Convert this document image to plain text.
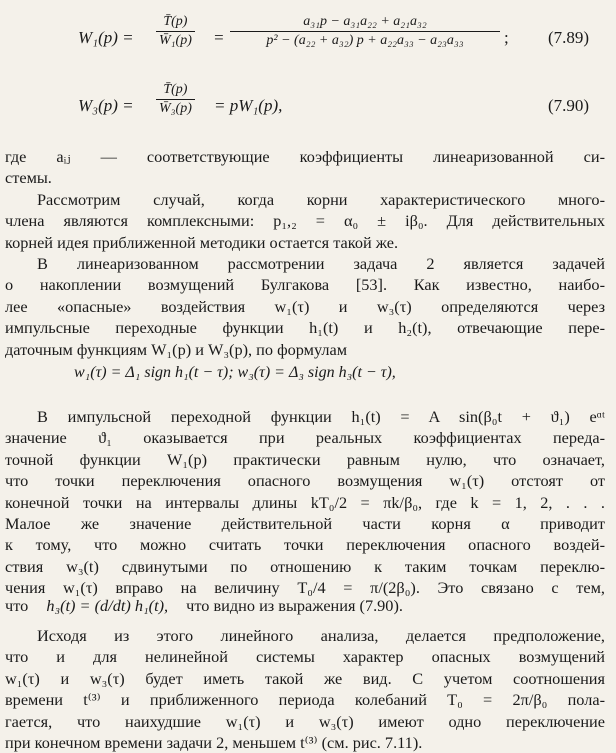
$W_1(p) = \frac{T̄(p)}{\text{W̄₁(p)}} = \frac{\text{a₃₁p − a₃₁a₂₂ + a₂₁a₃₂}}{\text{p² − (a₂₂ + a₃₂) p + a₂₂a₃₃ − a₂₃a₃₃}}$ ; (7.89)
$W_3(p) = \frac{T̄(p)}{\text{W̄₃(p)}} = pW_1(p)$,	(7.90)
где aᵢⱼ — соответствующие коэффициенты линеаризованной си-
стемы.
Рассмотрим случай, когда корни характеристического много-
члена являются комплексными: p₁,₂ = α₀ ± iβ₀. Для действительных
корней идея приближенной методики остается такой же.
В линеаризованном рассмотрении задача 2 является задачей
о накоплении возмущений Булгакова [53]. Как известно, наибо-
лее «опасные» воздействия w₁(τ) и w₃(τ) определяются через
импульсные переходные функции h₁(t) и h₂(t), отвечающие пере-
даточным функциям W₁(p) и W₃(p), по формулам
w₁(τ) = Δ₁ sign h₁(t − τ); w₃(τ) = Δ₃ sign h₃(t − τ),
В импульсной переходной функции h₁(t) = A sin(β₀t + ϑ₁) eᵅᵗ
значение ϑ₁ оказывается при реальных коэффициентах переда-
точной функции W₁(p) практически равным нулю, что означает,
что точки переключения опасного возмущения w₁(τ) отстоят от
конечной точки на интервалы длины kT₀/2 = πk/β₀, где k = 1, 2, . . .
Малое же значение действительной части корня α приводит
к тому, что можно считать точки переключения опасного воздей-
ствия w₃(t) сдвинутыми по отношению к таким точкам переклю-
чения w₁(τ) вправо на величину T₀/4 = π/(2β₀). Это связано с тем,
что h₃(t) = (d/dt) h₁(t), что видно из выражения (7.90).
Исходя из этого линейного анализа, делается предположение,
что и для нелинейной системы характер опасных возмущений
w₁(τ) и w₃(τ) будет иметь такой же вид. С учетом соотношения
времени t⁽³⁾ и приближенного периода колебаний T₀ = 2π/β₀ пола-
гается, что наихудшие w₁(τ) и w₃(τ) имеют одно переключение
при конечном времени задачи 2, меньшем t⁽³⁾ (см. рис. 7.11).
